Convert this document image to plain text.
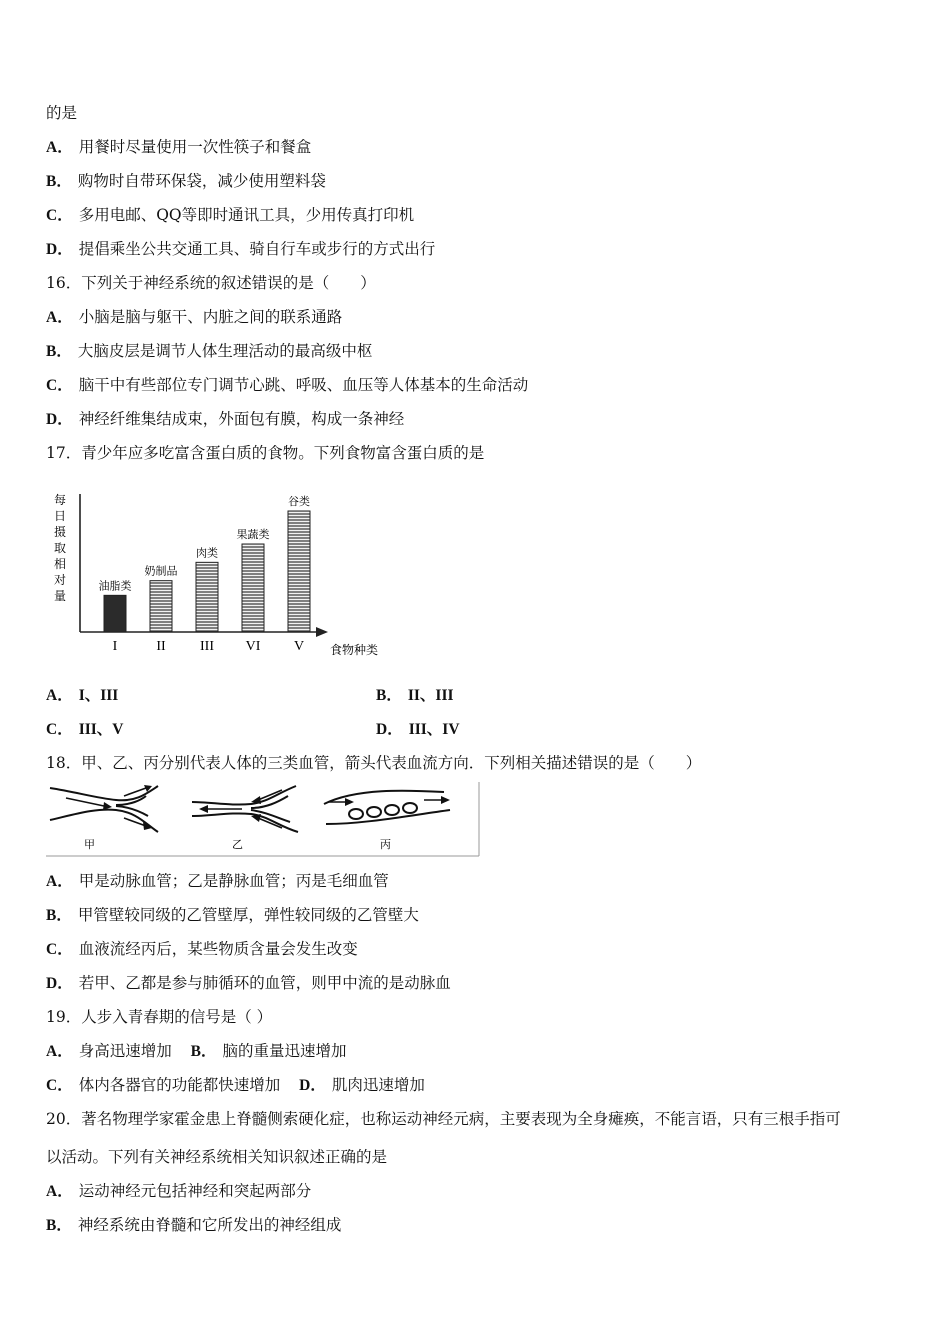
的是
A． 用餐时尽量使用一次性筷子和餐盒
B． 购物时自带环保袋，减少使用塑料袋
C． 多用电邮、QQ等即时通讯工具，少用传真打印机
D． 提倡乘坐公共交通工具、骑自行车或步行的方式出行
16．下列关于神经系统的叙述错误的是（　　）
A． 小脑是脑与躯干、内脏之间的联系通路
B． 大脑皮层是调节人体生理活动的最高级中枢
C． 脑干中有些部位专门调节心跳、呼吸、血压等人体基本的生命活动
D． 神经纤维集结成束，外面包有膜，构成一条神经
17．青少年应多吃富含蛋白质的食物。下列食物富含蛋白质的是
每
日
摄
取
相
对
量
油脂类
I
奶制品
II
肉类
III
果蔬类
VI
谷类
V 食物种类
A． I、III	B． II、III
C． III、V	D． III、IV
18．甲、乙、丙分别代表人体的三类血管，箭头代表血流方向．下列相关描述错误的是（　　）
甲	乙	丙
A． 甲是动脉血管；乙是静脉血管；丙是毛细血管
B． 甲管壁较同级的乙管壁厚，弹性较同级的乙管壁大
C． 血液流经丙后，某些物质含量会发生改变
D． 若甲、乙都是参与肺循环的血管，则甲中流的是动脉血
19．人步入青春期的信号是（ ）
A． 身高迅速增加 B． 脑的重量迅速增加
C． 体内各器官的功能都快速增加 D． 肌肉迅速增加
20．著名物理学家霍金患上脊髓侧索硬化症，也称运动神经元病，主要表现为全身瘫痪，不能言语，只有三根手指可
以活动。下列有关神经系统相关知识叙述正确的是
A． 运动神经元包括神经和突起两部分
B． 神经系统由脊髓和它所发出的神经组成
